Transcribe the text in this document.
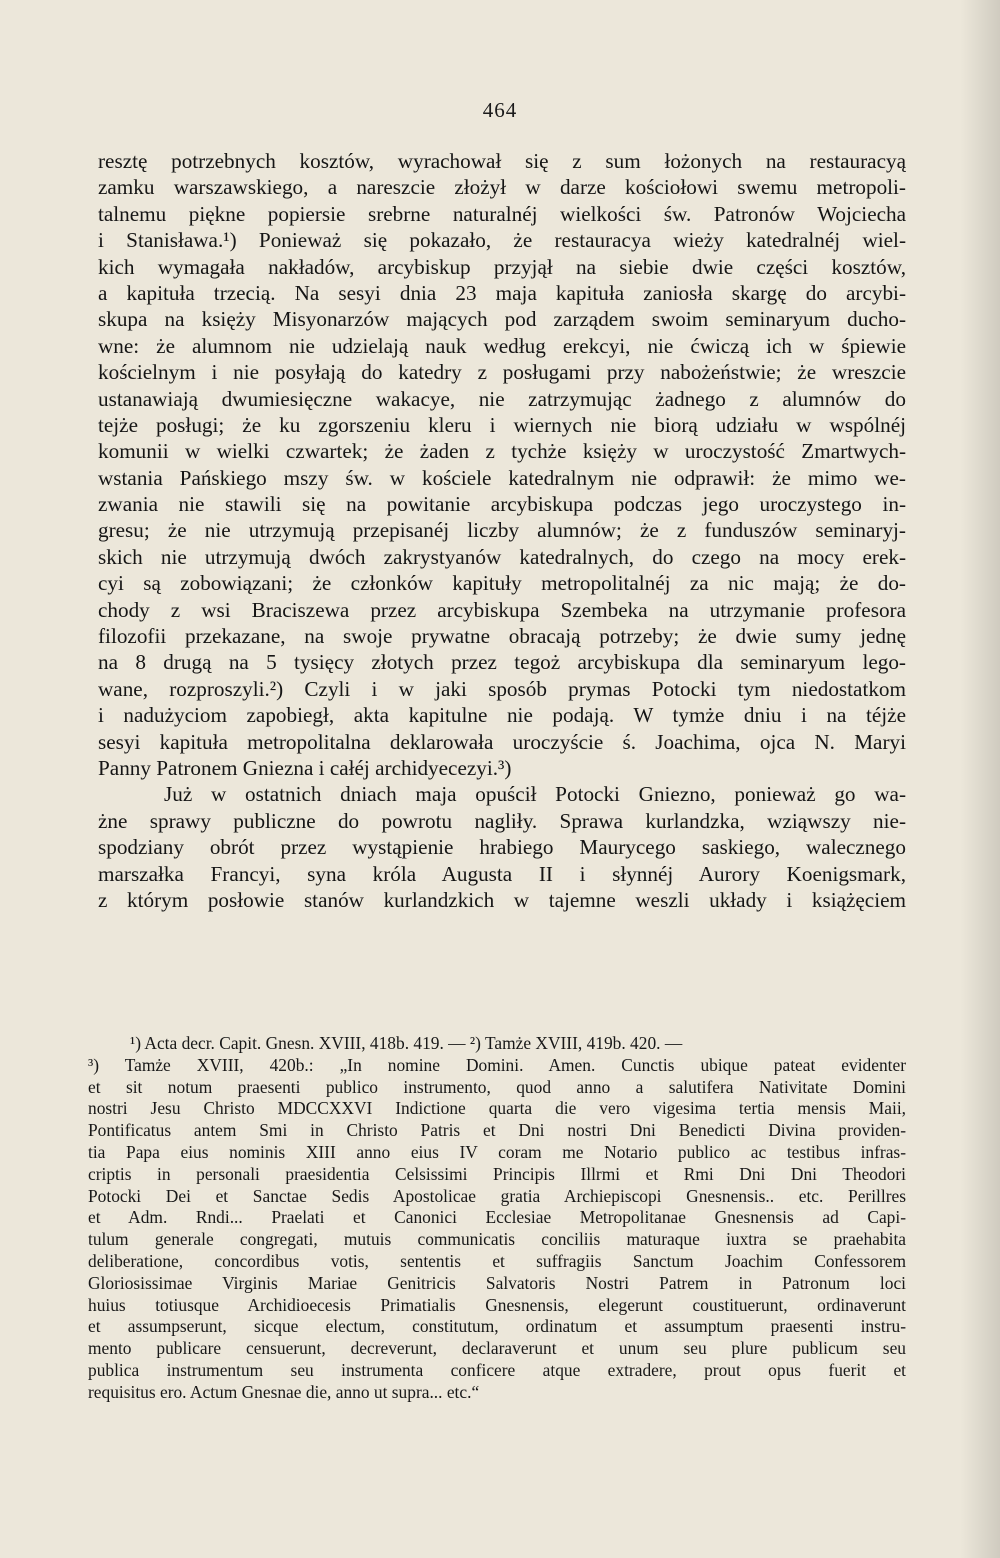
464
resztę potrzebnych kosztów, wyrachował się z sum łożonych na restauracyą
zamku warszawskiego, a nareszcie złożył w darze kościołowi swemu metropoli-
talnemu piękne popiersie srebrne naturalnéj wielkości św. Patronów Wojciecha
i Stanisława.¹) Ponieważ się pokazało, że restauracya wieży katedralnéj wiel-
kich wymagała nakładów, arcybiskup przyjął na siebie dwie części kosztów,
a kapituła trzecią. Na sesyi dnia 23 maja kapituła zaniosła skargę do arcybi-
skupa na księży Misyonarzów mających pod zarządem swoim seminaryum ducho-
wne: że alumnom nie udzielają nauk według erekcyi, nie ćwiczą ich w śpiewie
kościelnym i nie posyłają do katedry z posługami przy nabożeństwie; że wreszcie
ustanawiają dwumiesięczne wakacye, nie zatrzymując żadnego z alumnów do
tejże posługi; że ku zgorszeniu kleru i wiernych nie biorą udziału w wspólnéj
komunii w wielki czwartek; że żaden z tychże księży w uroczystość Zmartwych-
wstania Pańskiego mszy św. w kościele katedralnym nie odprawił: że mimo we-
zwania nie stawili się na powitanie arcybiskupa podczas jego uroczystego in-
gresu; że nie utrzymują przepisanéj liczby alumnów; że z funduszów seminaryj-
skich nie utrzymują dwóch zakrystyanów katedralnych, do czego na mocy erek-
cyi są zobowiązani; że członków kapituły metropolitalnéj za nic mają; że do-
chody z wsi Braciszewa przez arcybiskupa Szembeka na utrzymanie profesora
filozofii przekazane, na swoje prywatne obracają potrzeby; że dwie sumy jednę
na 8 drugą na 5 tysięcy złotych przez tegoż arcybiskupa dla seminaryum lego-
wane, rozproszyli.²) Czyli i w jaki sposób prymas Potocki tym niedostatkom
i nadużyciom zapobiegł, akta kapitulne nie podają. W tymże dniu i na téjże
sesyi kapituła metropolitalna deklarowała uroczyście ś. Joachima, ojca N. Maryi
Panny Patronem Gniezna i całéj archidyecezyi.³)
Już w ostatnich dniach maja opuścił Potocki Gniezno, ponieważ go wa-
żne sprawy publiczne do powrotu nagliły. Sprawa kurlandzka, wziąwszy nie-
spodziany obrót przez wystąpienie hrabiego Maurycego saskiego, walecznego
marszałka Francyi, syna króla Augusta II i słynnéj Aurory Koenigsmark,
z którym posłowie stanów kurlandzkich w tajemne weszli układy i książęciem
¹) Acta decr. Capit. Gnesn. XVIII, 418b. 419. — ²) Tamże XVIII, 419b. 420. —
³) Tamże XVIII, 420b.: „In nomine Domini. Amen. Cunctis ubique pateat evidenter
et sit notum praesenti publico instrumento, quod anno a salutifera Nativitate Domini
nostri Jesu Christo MDCCXXVI Indictione quarta die vero vigesima tertia mensis Maii,
Pontificatus antem Smi in Christo Patris et Dni nostri Dni Benedicti Divina providen-
tia Papa eius nominis XIII anno eius IV coram me Notario publico ac testibus infras-
criptis in personali praesidentia Celsissimi Principis Illrmi et Rmi Dni Dni Theodori
Potocki Dei et Sanctae Sedis Apostolicae gratia Archiepiscopi Gnesnensis.. etc. Perillres
et Adm. Rndi... Praelati et Canonici Ecclesiae Metropolitanae Gnesnensis ad Capi-
tulum generale congregati, mutuis communicatis conciliis maturaque iuxtra se praehabita
deliberatione, concordibus votis, sententis et suffragiis Sanctum Joachim Confessorem
Gloriosissimae Virginis Mariae Genitricis Salvatoris Nostri Patrem in Patronum loci
huius totiusque Archidioecesis Primatialis Gnesnensis, elegerunt coustituerunt, ordinaverunt
et assumpserunt, sicque electum, constitutum, ordinatum et assumptum praesenti instru-
mento publicare censuerunt, decreverunt, declaraverunt et unum seu plure publicum seu
publica instrumentum seu instrumenta conficere atque extradere, prout opus fuerit et
requisitus ero. Actum Gnesnae die, anno ut supra... etc.“
